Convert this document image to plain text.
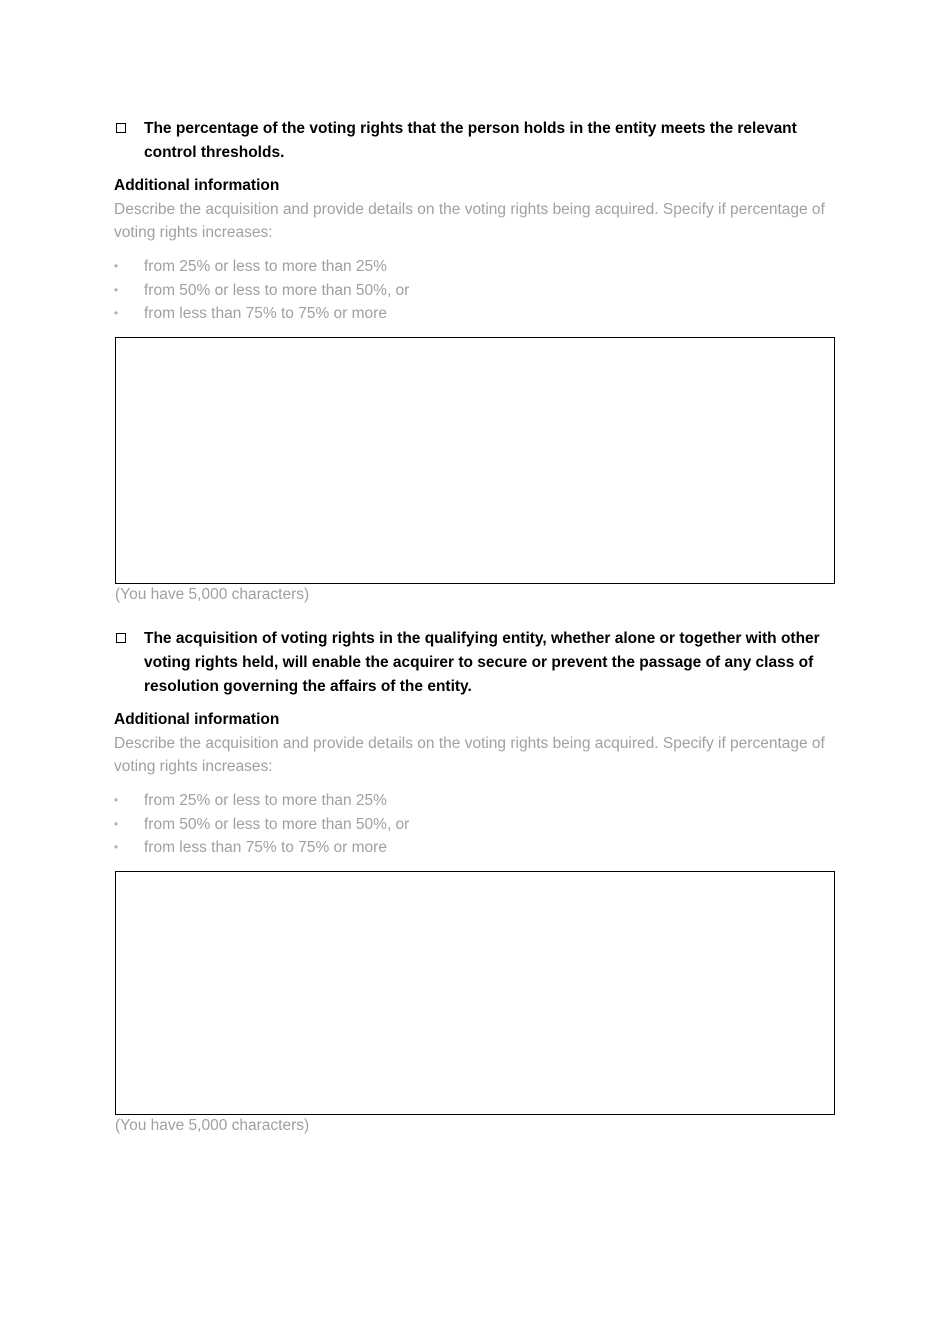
The percentage of the voting rights that the person holds in the entity meets the relevant control thresholds.
Additional information
Describe the acquisition and provide details on the voting rights being acquired. Specify if percentage of voting rights increases:
• from 25% or less to more than 25%
• from 50% or less to more than 50%, or
• from less than 75% to 75% or more
(You have 5,000 characters)
The acquisition of voting rights in the qualifying entity, whether alone or together with other voting rights held, will enable the acquirer to secure or prevent the passage of any class of resolution governing the affairs of the entity.
Additional information
Describe the acquisition and provide details on the voting rights being acquired. Specify if percentage of voting rights increases:
• from 25% or less to more than 25%
• from 50% or less to more than 50%, or
• from less than 75% to 75% or more
(You have 5,000 characters)
